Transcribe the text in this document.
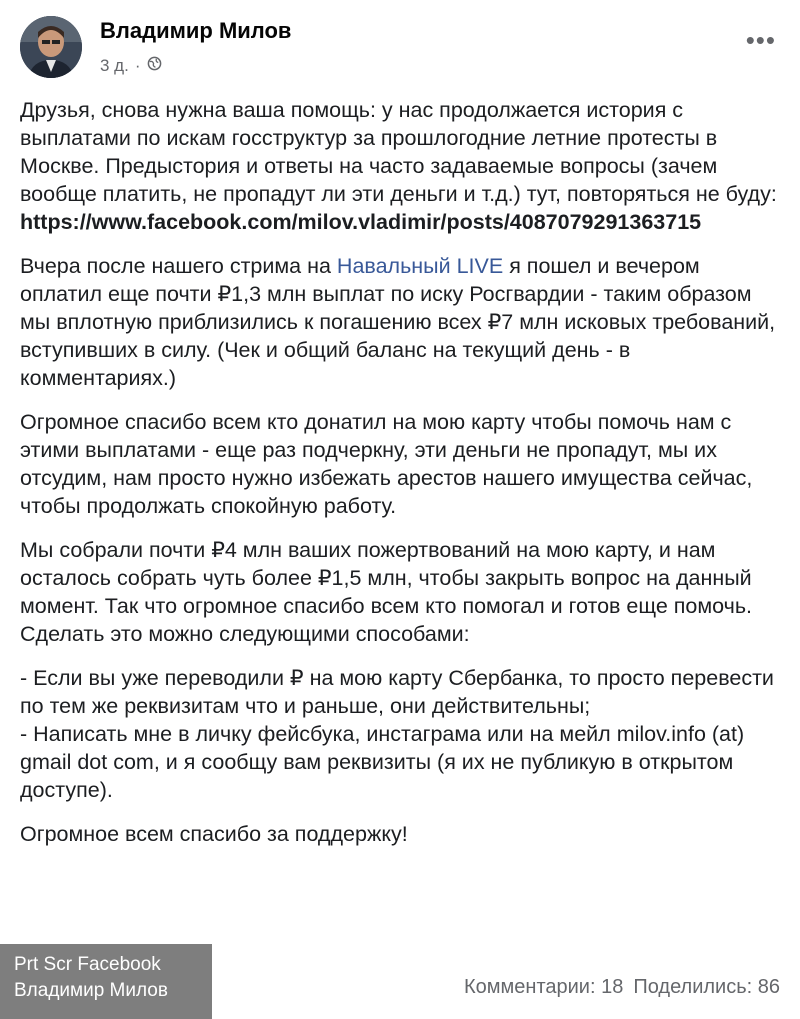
Владимир Милов
3 д. ·
•••

Друзья, снова нужна ваша помощь: у нас продолжается история с выплатами по искам госструктур за прошлогодние летние протесты в Москве. Предыстория и ответы на часто задаваемые вопросы (зачем вообще платить, не пропадут ли эти деньги и т.д.) тут, повторяться не буду:
https://www.facebook.com/milov.vladimir/posts/4087079291363715

Вчера после нашего стрима на Навальный LIVE я пошел и вечером оплатил еще почти ₽1,3 млн выплат по иску Росгвардии - таким образом мы вплотную приблизились к погашению всех ₽7 млн исковых требований, вступивших в силу. (Чек и общий баланс на текущий день - в комментариях.)

Огромное спасибо всем кто донатил на мою карту чтобы помочь нам с этими выплатами - еще раз подчеркну, эти деньги не пропадут, мы их отсудим, нам просто нужно избежать арестов нашего имущества сейчас, чтобы продолжать спокойную работу.

Мы собрали почти ₽4 млн ваших пожертвований на мою карту, и нам осталось собрать чуть более ₽1,5 млн, чтобы закрыть вопрос на данный момент. Так что огромное спасибо всем кто помогал и готов еще помочь. Сделать это можно следующими способами:

- Если вы уже переводили ₽ на мою карту Сбербанка, то просто перевести по тем же реквизитам что и раньше, они действительны;
- Написать мне в личку фейсбука, инстаграма или на мейл milov.info (at) gmail dot com, и я сообщу вам реквизиты (я их не публикую в открытом доступе).

Огромное всем спасибо за поддержку!

Комментарии: 18 Поделились: 86
Prt Scr Facebook
Владимир Милов
